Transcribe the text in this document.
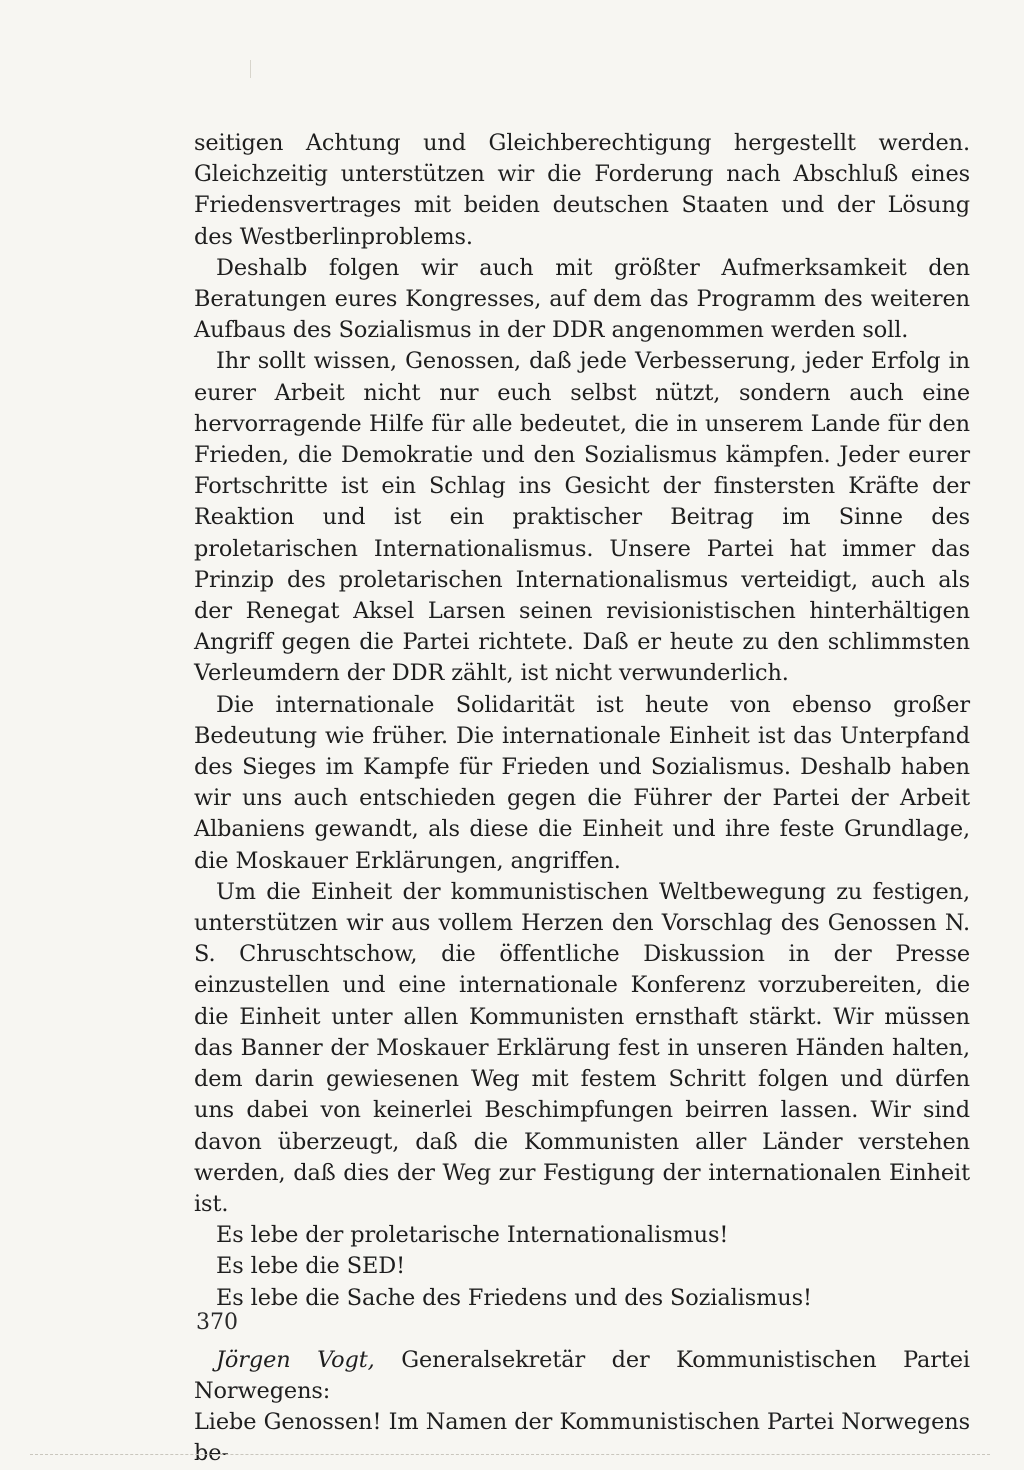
seitigen Achtung und Gleichberechtigung hergestellt werden. Gleichzeitig unterstützen wir die Forderung nach Abschluß eines Friedensvertrages mit beiden deutschen Staaten und der Lösung des Westberlinproblems.

Deshalb folgen wir auch mit größter Aufmerksamkeit den Beratungen eures Kongresses, auf dem das Programm des weiteren Aufbaus des Sozialismus in der DDR angenommen werden soll.

Ihr sollt wissen, Genossen, daß jede Verbesserung, jeder Erfolg in eurer Arbeit nicht nur euch selbst nützt, sondern auch eine hervorragende Hilfe für alle bedeutet, die in unserem Lande für den Frieden, die Demokratie und den Sozialismus kämpfen. Jeder eurer Fortschritte ist ein Schlag ins Gesicht der finstersten Kräfte der Reaktion und ist ein praktischer Beitrag im Sinne des proletarischen Internationalismus. Unsere Partei hat immer das Prinzip des proletarischen Internationalismus verteidigt, auch als der Renegat Aksel Larsen seinen revisionistischen hinterhältigen Angriff gegen die Partei richtete. Daß er heute zu den schlimmsten Verleumdern der DDR zählt, ist nicht verwunderlich.

Die internationale Solidarität ist heute von ebenso großer Bedeutung wie früher. Die internationale Einheit ist das Unterpfand des Sieges im Kampfe für Frieden und Sozialismus. Deshalb haben wir uns auch entschieden gegen die Führer der Partei der Arbeit Albaniens gewandt, als diese die Einheit und ihre feste Grundlage, die Moskauer Erklärungen, angriffen.

Um die Einheit der kommunistischen Weltbewegung zu festigen, unterstützen wir aus vollem Herzen den Vorschlag des Genossen N. S. Chruschtschow, die öffentliche Diskussion in der Presse einzustellen und eine internationale Konferenz vorzubereiten, die die Einheit unter allen Kommunisten ernsthaft stärkt. Wir müssen das Banner der Moskauer Erklärung fest in unseren Händen halten, dem darin gewiesenen Weg mit festem Schritt folgen und dürfen uns dabei von keinerlei Beschimpfungen beirren lassen. Wir sind davon überzeugt, daß die Kommunisten aller Länder verstehen werden, daß dies der Weg zur Festigung der internationalen Einheit ist.

Es lebe der proletarische Internationalismus!

Es lebe die SED!

Es lebe die Sache des Friedens und des Sozialismus!

Jörgen Vogt, Generalsekretär der Kommunistischen Partei Norwegens:

Liebe Genossen! Im Namen der Kommunistischen Partei Norwegens be-

370
